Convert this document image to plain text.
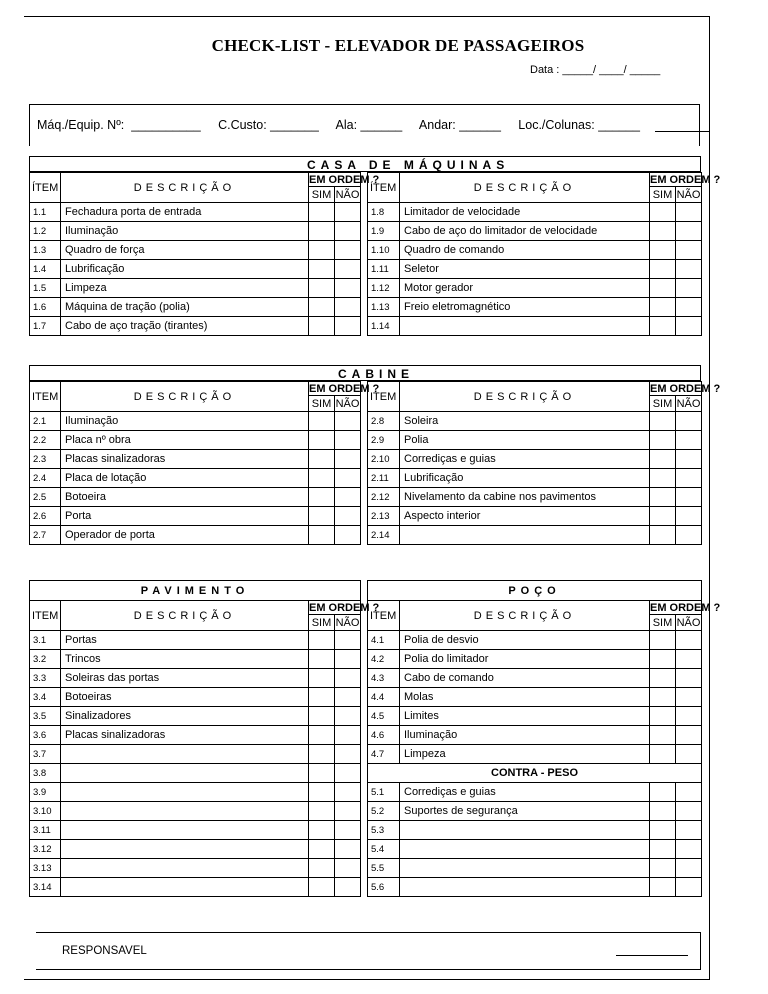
CHECK-LIST - ELEVADOR DE PASSAGEIROS
Data : _____/ ____/ _____
Máq./Equip. Nº:  __________     C.Custo: _______     Ala: ______     Andar: ______     Loc./Colunas: ______
CASA DE MÁQUINAS
ÍTEM	DESCRIÇÃO	EM ORDEM ?	
		SIM	NÃO
1.1	Fechadura porta de entrada		
1.2	Iluminação		
1.3	Quadro de força		
1.4	Lubrificação		
1.5	Limpeza		
1.6	Máquina de tração (polia)		
1.7	Cabo de aço tração (tirantes)		
ÍTEM	DESCRIÇÃO	EM ORDEM ?	
		SIM	NÃO
1.8	Limitador de velocidade		
1.9	Cabo de aço do limitador de velocidade		
1.10	Quadro de comando		
1.11	Seletor		
1.12	Motor gerador		
1.13	Freio eletromagnético		
1.14			
CABINE
ITEM	DESCRIÇÃO	EM ORDEM ?	
		SIM	NÃO
2.1	Iluminação		
2.2	Placa nº obra		
2.3	Placas sinalizadoras		
2.4	Placa de lotação		
2.5	Botoeira		
2.6	Porta		
2.7	Operador de porta		
ITEM	DESCRIÇÃO	EM ORDEM ?	
		SIM	NÃO
2.8	Soleira		
2.9	Polia		
2.10	Corrediças e guias		
2.11	Lubrificação		
2.12	Nivelamento da cabine nos pavimentos		
2.13	Aspecto interior		
2.14			
PAVIMENTO			
ITEM	DESCRIÇÃO	EM ORDEM ?	
		SIM	NÃO
3.1	Portas		
3.2	Trincos		
3.3	Soleiras das portas		
3.4	Botoeiras		
3.5	Sinalizadores		
3.6	Placas sinalizadoras		
3.7			
3.8			
3.9			
3.10			
3.11			
3.12			
3.13			
3.14			
POÇO			
ITEM	DESCRIÇÃO	EM ORDEM ?	
		SIM	NÃO
4.1	Polia de desvio		
4.2	Polia do limitador		
4.3	Cabo de comando		
4.4	Molas		
4.5	Limites		
4.6	Iluminação		
4.7	Limpeza		
CONTRA - PESO			
5.1	Corrediças e guias		
5.2	Suportes de segurança		
5.3			
5.4			
5.5			
5.6			
RESPONSAVEL
